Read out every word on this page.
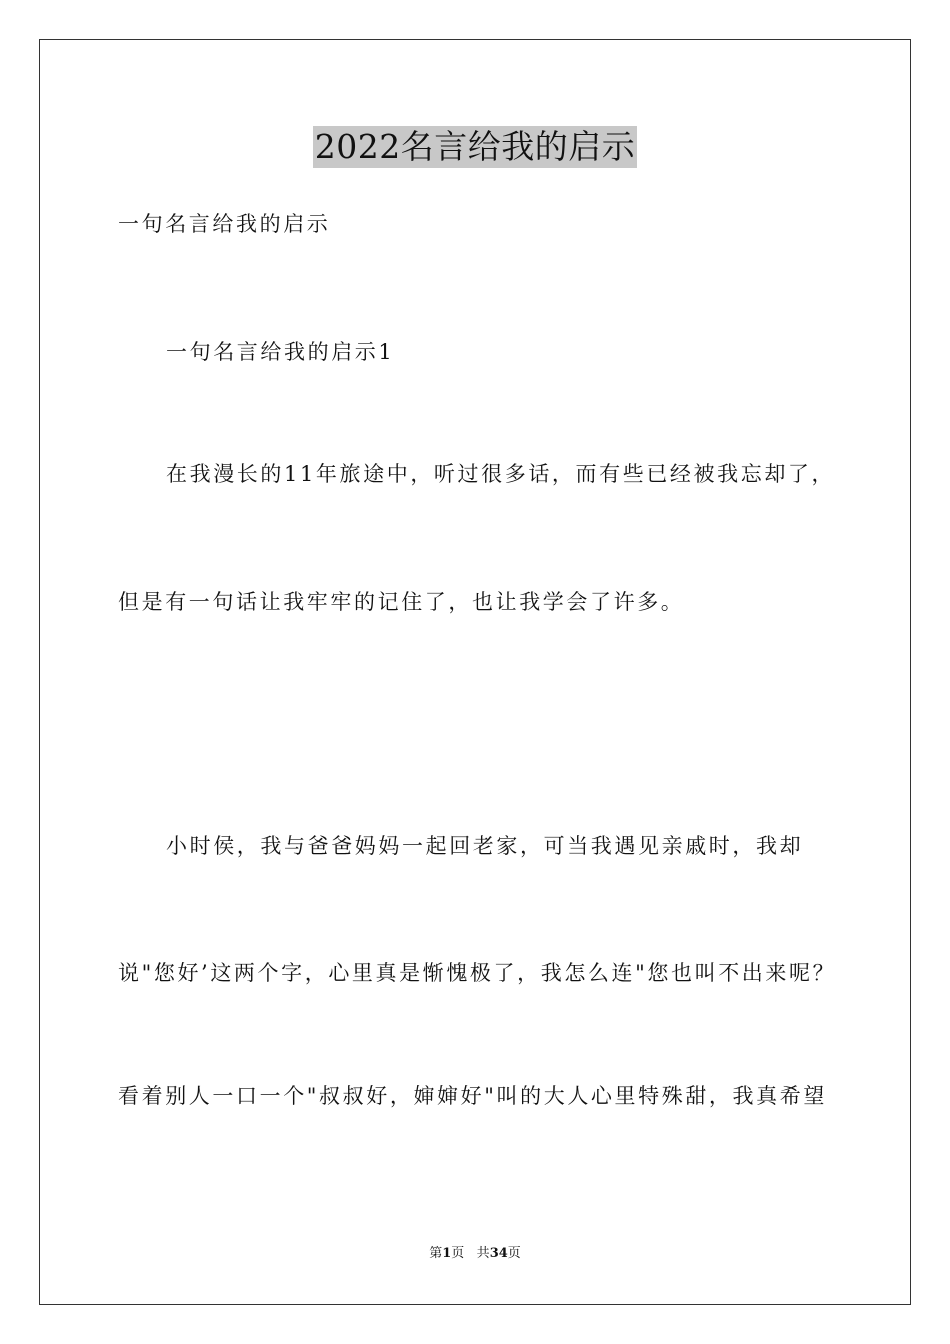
2022名言给我的启示

一句名言给我的启示

一句名言给我的启示1

在我漫长的11年旅途中，听过很多话，而有些已经被我忘却了，

但是有一句话让我牢牢的记住了，也让我学会了许多。

小时侯，我与爸爸妈妈一起回老家，可当我遇见亲戚时，我却

说"您好’这两个字，心里真是惭愧极了，我怎么连"您也叫不出来呢？

看着别人一口一个"叔叔好，婶婶好"叫的大人心里特殊甜，我真希望

第1页 共34页
